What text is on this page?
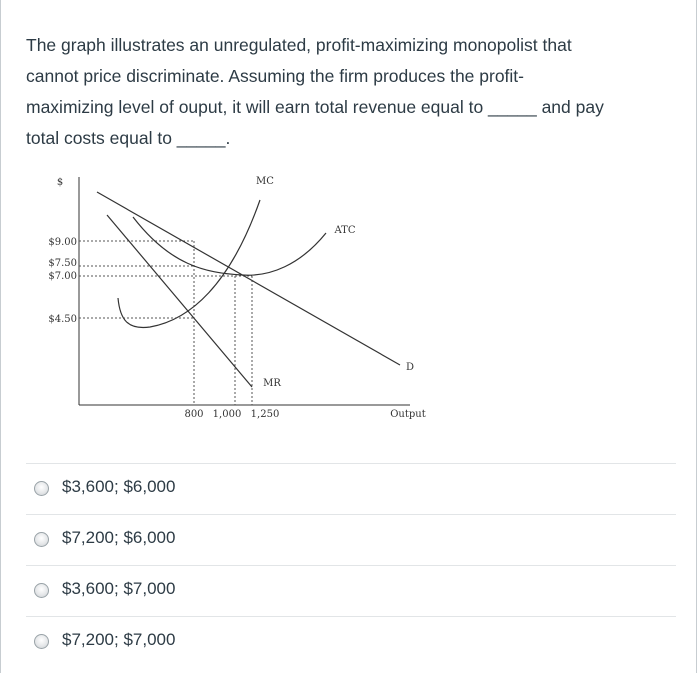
The graph illustrates an unregulated, profit-maximizing monopolist that
cannot price discriminate. Assuming the firm produces the profit-
maximizing level of ouput, it will earn total revenue equal to _____ and pay
total costs equal to _____.
$9.00
$7.50
$7.00
$4.50
800 1,000 1,250
$
Output
MC
ATC
D
MR
$3,600; $6,000
$7,200; $6,000
$3,600; $7,000
$7,200; $7,000
